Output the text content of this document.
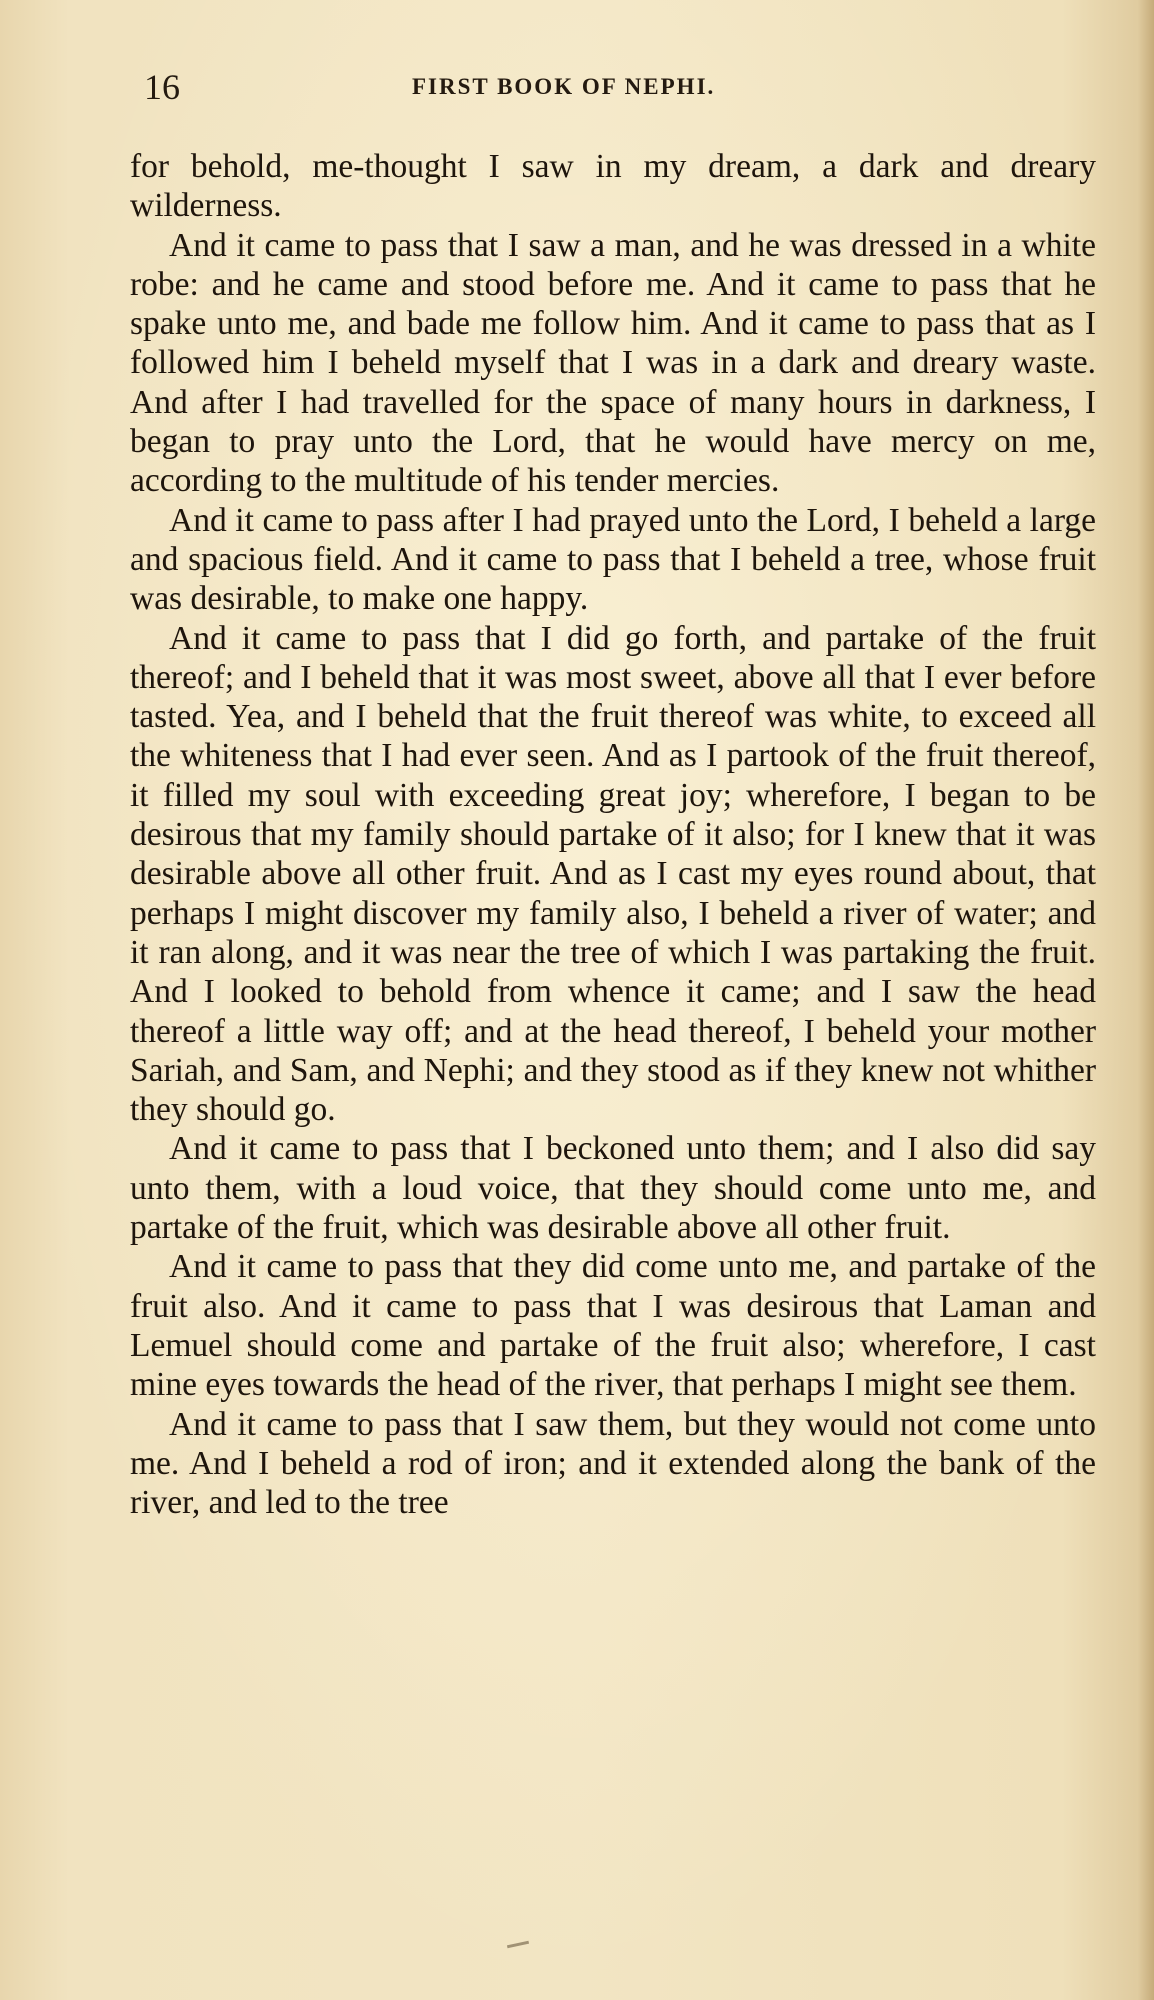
16	FIRST BOOK OF NEPHI.

for behold, me-thought I saw in my dream, a dark and dreary wilderness.

And it came to pass that I saw a man, and he was dressed in a white robe: and he came and stood before me. And it came to pass that he spake unto me, and bade me follow him. And it came to pass that as I followed him I beheld myself that I was in a dark and dreary waste. And after I had travelled for the space of many hours in darkness, I began to pray unto the Lord, that he would have mercy on me, according to the multitude of his tender mercies.

And it came to pass after I had prayed unto the Lord, I beheld a large and spacious field. And it came to pass that I beheld a tree, whose fruit was desirable, to make one happy.

And it came to pass that I did go forth, and partake of the fruit thereof; and I beheld that it was most sweet, above all that I ever before tasted. Yea, and I beheld that the fruit thereof was white, to exceed all the whiteness that I had ever seen. And as I partook of the fruit thereof, it filled my soul with exceeding great joy; wherefore, I began to be desirous that my family should partake of it also; for I knew that it was desirable above all other fruit. And as I cast my eyes round about, that perhaps I might discover my family also, I beheld a river of water; and it ran along, and it was near the tree of which I was partaking the fruit. And I looked to behold from whence it came; and I saw the head thereof a little way off; and at the head thereof, I beheld your mother Sariah, and Sam, and Nephi; and they stood as if they knew not whither they should go.

And it came to pass that I beckoned unto them; and I also did say unto them, with a loud voice, that they should come unto me, and partake of the fruit, which was desirable above all other fruit.

And it came to pass that they did come unto me, and partake of the fruit also. And it came to pass that I was desirous that Laman and Lemuel should come and partake of the fruit also; wherefore, I cast mine eyes towards the head of the river, that perhaps I might see them.

And it came to pass that I saw them, but they would not come unto me. And I beheld a rod of iron; and it extended along the bank of the river, and led to the tree
